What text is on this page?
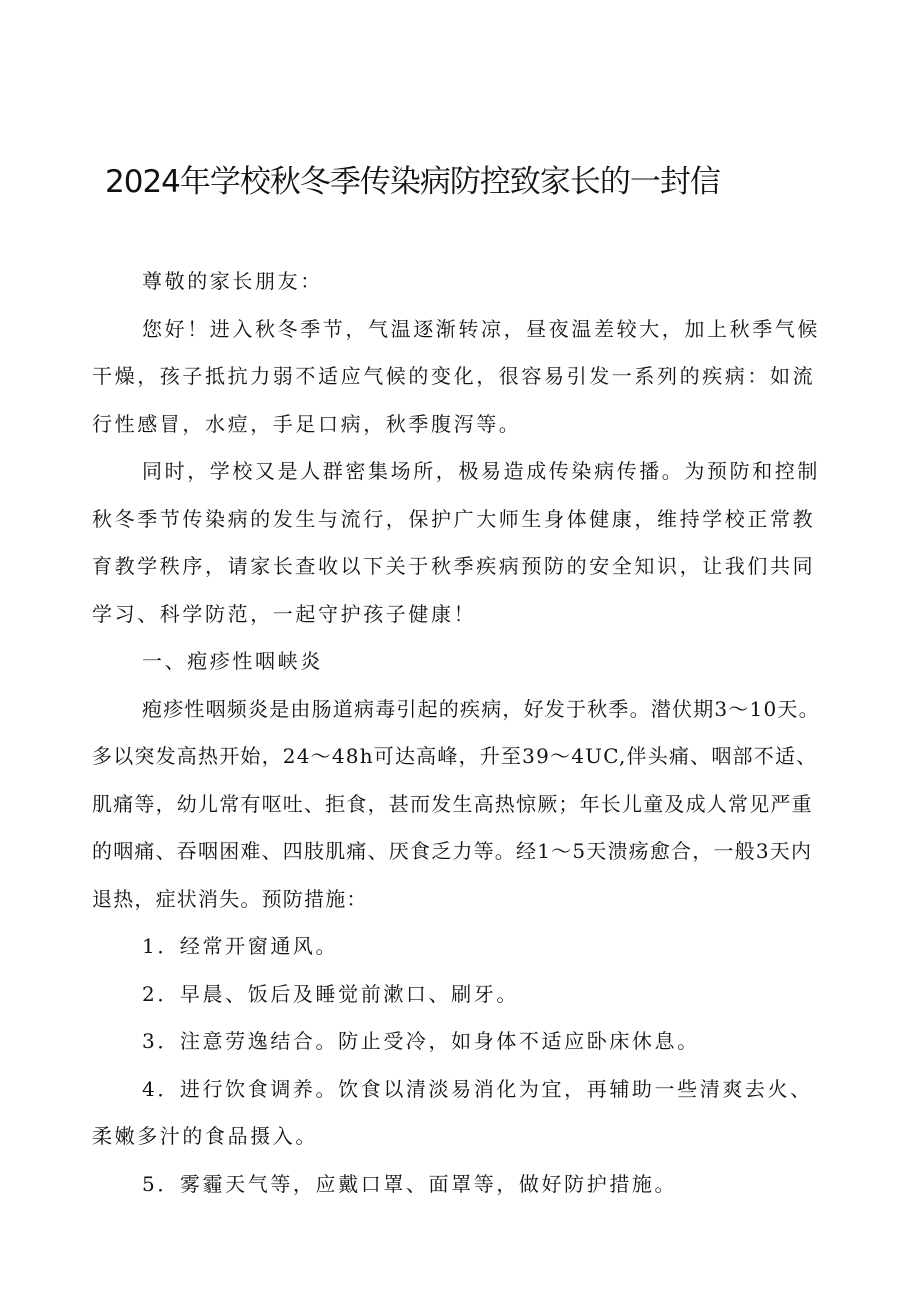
2024年学校秋冬季传染病防控致家长的一封信

尊敬的家长朋友：

您好！进入秋冬季节，气温逐渐转凉，昼夜温差较大，加上秋季气候干燥，孩子抵抗力弱不适应气候的变化，很容易引发一系列的疾病：如流行性感冒，水痘，手足口病，秋季腹泻等。

同时，学校又是人群密集场所，极易造成传染病传播。为预防和控制秋冬季节传染病的发生与流行，保护广大师生身体健康，维持学校正常教育教学秩序，请家长查收以下关于秋季疾病预防的安全知识，让我们共同学习、科学防范，一起守护孩子健康！

一、疱疹性咽峡炎

疱疹性咽频炎是由肠道病毒引起的疾病，好发于秋季。潜伏期3～10天。多以突发高热开始，24～48h可达高峰，升至39～4UC,伴头痛、咽部不适、肌痛等，幼儿常有呕吐、拒食，甚而发生高热惊厥；年长儿童及成人常见严重的咽痛、吞咽困难、四肢肌痛、厌食乏力等。经1～5天溃疡愈合，一般3天内退热，症状消失。预防措施：

1．经常开窗通风。

2．早晨、饭后及睡觉前漱口、刷牙。

3．注意劳逸结合。防止受冷，如身体不适应卧床休息。

4．进行饮食调养。饮食以清淡易消化为宜，再辅助一些清爽去火、柔嫩多汁的食品摄入。

5．雾霾天气等，应戴口罩、面罩等，做好防护措施。
